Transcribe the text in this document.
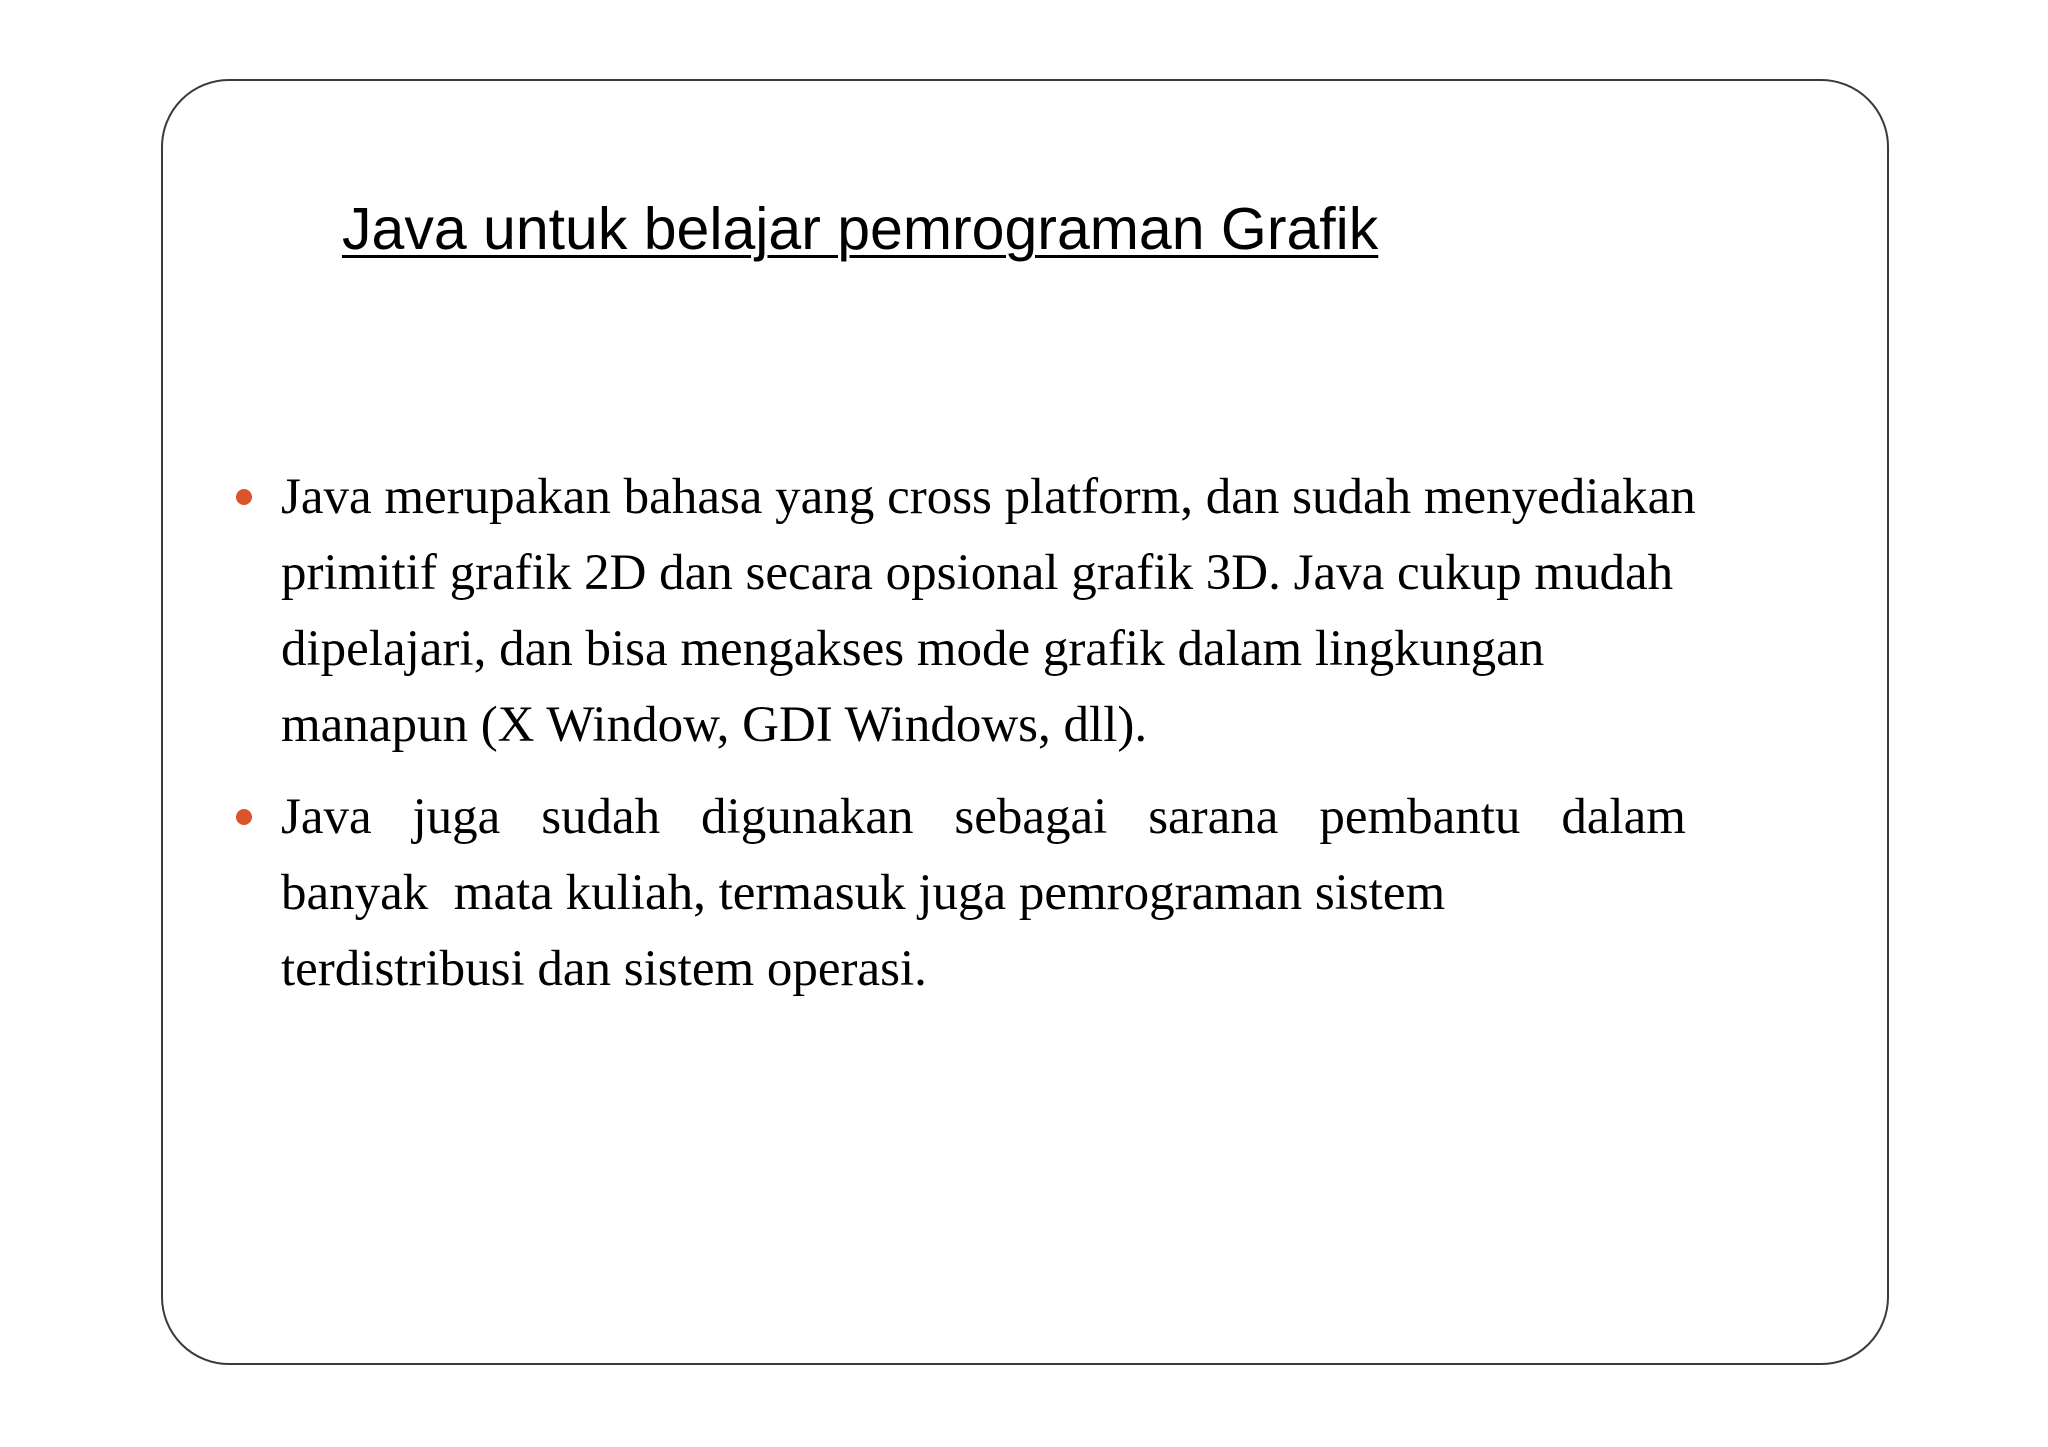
Java untuk belajar pemrograman Grafik

Java merupakan bahasa yang cross platform, dan sudah menyediakan
primitif grafik 2D dan secara opsional grafik 3D. Java cukup mudah
dipelajari, dan bisa mengakses mode grafik dalam lingkungan
manapun (X Window, GDI Windows, dll).

Java juga sudah digunakan sebagai sarana pembantu dalam
banyak  mata kuliah, termasuk juga pemrograman sistem
terdistribusi dan sistem operasi.
